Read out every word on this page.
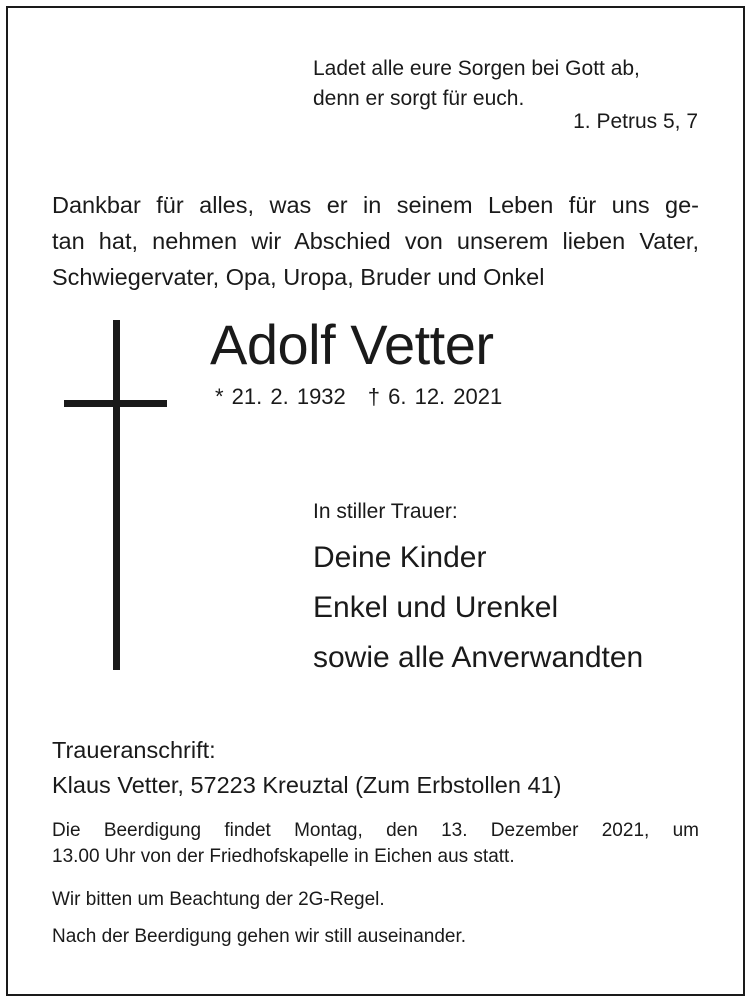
Ladet alle eure Sorgen bei Gott ab,
denn er sorgt für euch.
1. Petrus 5, 7
Dankbar für alles, was er in seinem Leben für uns ge-
tan hat, nehmen wir Abschied von unserem lieben Vater,
Schwiegervater, Opa, Uropa, Bruder und Onkel
Adolf Vetter
* 21. 2. 1932 † 6. 12. 2021
In stiller Trauer:
Deine Kinder
Enkel und Urenkel
sowie alle Anverwandten
Traueranschrift:
Klaus Vetter, 57223 Kreuztal (Zum Erbstollen 41)
Die Beerdigung findet Montag, den 13. Dezember 2021, um
13.00 Uhr von der Friedhofskapelle in Eichen aus statt.
Wir bitten um Beachtung der 2G-Regel.
Nach der Beerdigung gehen wir still auseinander.
